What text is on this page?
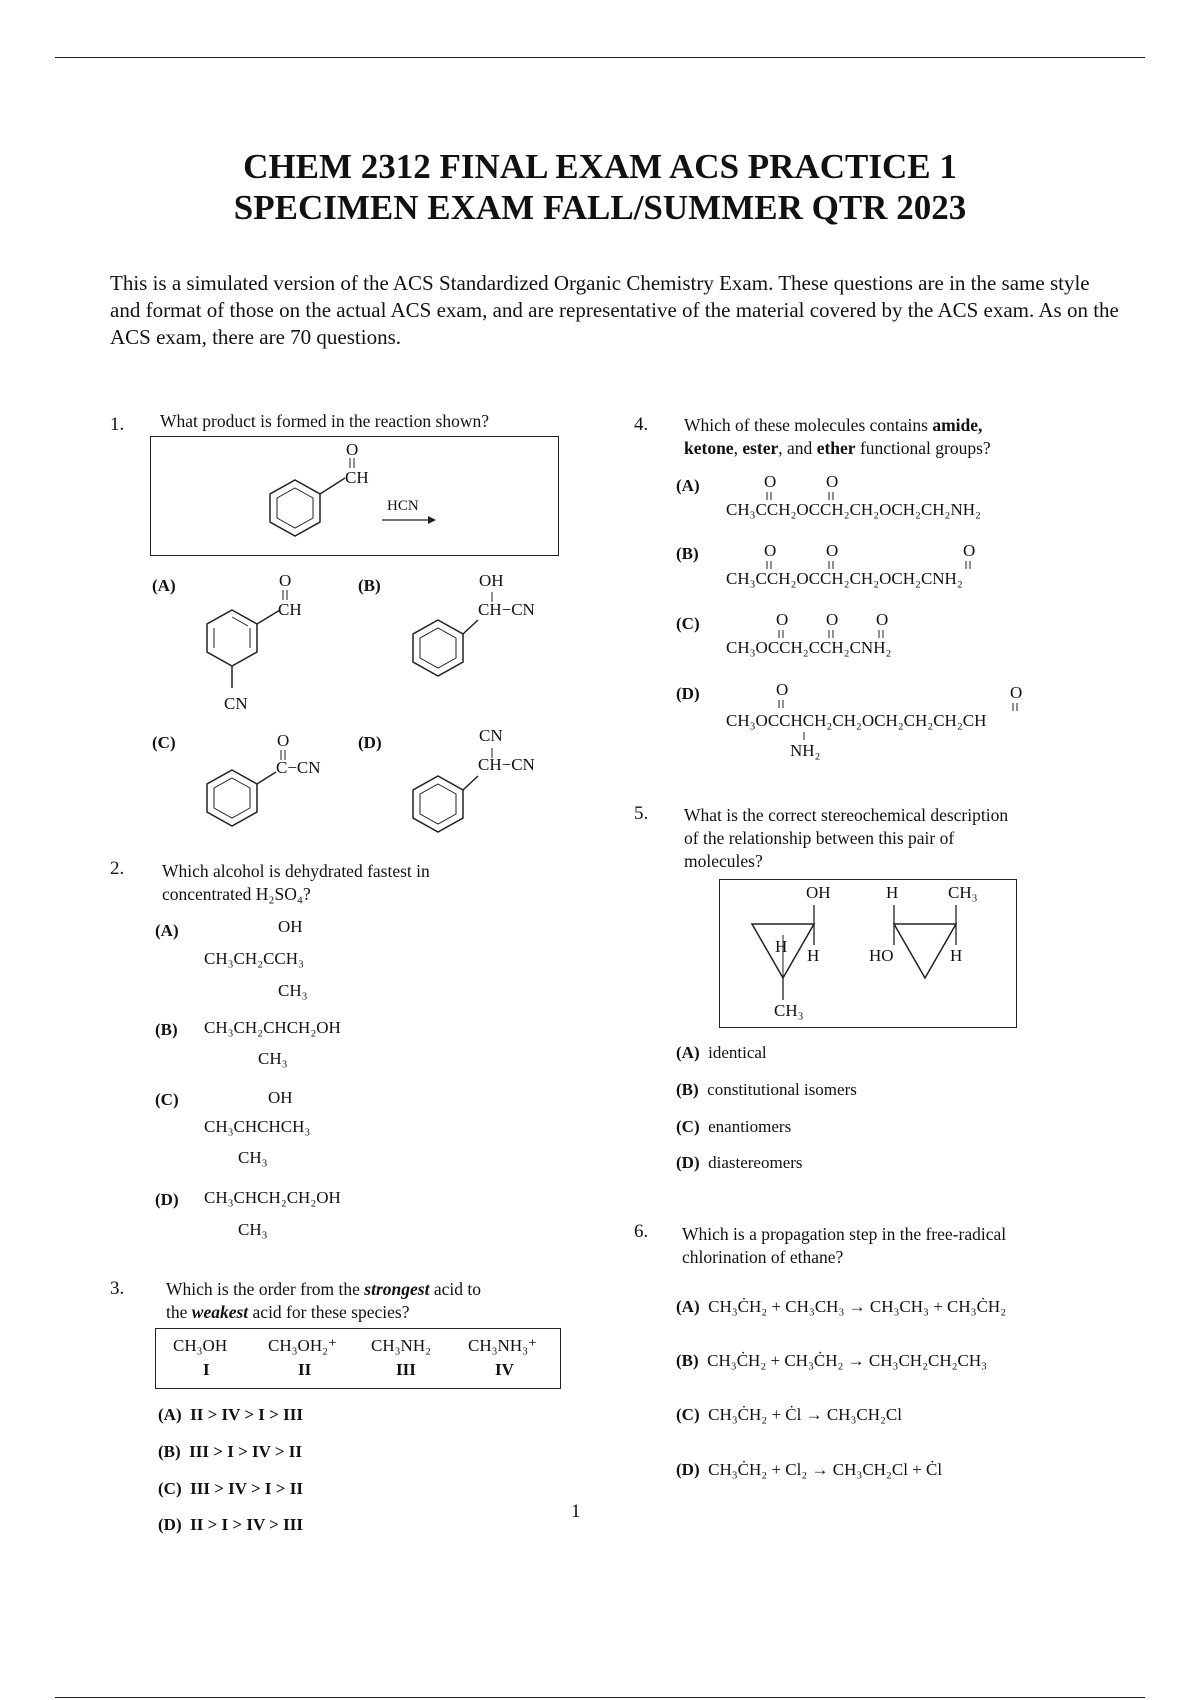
CHEM 2312 FINAL EXAM ACS PRACTICE 1
SPECIMEN EXAM FALL/SUMMER QTR 2023
This is a simulated version of the ACS Standardized Organic Chemistry Exam. These questions are in the same style and format of those on the actual ACS exam, and are representative of the material covered by the ACS exam. As on the ACS exam, there are 70 questions.
1. What product is formed in the reaction shown?
O
CH
HCN
(A)	O
CH
CN
(B)	OH
CH−CN
(C)	O
C−CN
(D)	CN
CH−CN
2. Which alcohol is dehydrated fastest in
concentrated H₂SO₄?
(A)	OH
CH₃CH₂CCH₃
CH₃
(B) CH₃CH₂CHCH₂OH
CH₃
(C)	OH
CH₃CHCHCH₃
CH₃
(D) CH₃CHCH₂CH₂OH
CH₃
3. Which is the order from the strongest acid to
the weakest acid for these species?
CH₃OH
I
CH₃OH₂⁺
II
CH₃NH₂
III
CH₃NH₃⁺
IV
(A) II > IV > I > III
(B) III > I > IV > II
(C) III > IV > I > II
(D) II > I > IV > III
4. Which of these molecules contains amide,
ketone, ester, and ether functional groups?
(A)	O	O
CH₃CCH₂OCCH₂CH₂OCH₂CH₂NH₂
(B)	O	O	O
CH₃CCH₂OCCH₂CH₂OCH₂CNH₂
(C)	O O O
CH₃OCCH₂CCH₂CNH₂
(D)	O	O
CH₃OCCHCH₂CH₂OCH₂CH₂CH₂CH
NH₂
5. What is the correct stereochemical description
of the relationship between this pair of
molecules?
OH
H H
CH₃
H	CH₃
HO	H
(A) identical
(B) constitutional isomers
(C) enantiomers
(D) diastereomers
6. Which is a propagation step in the free-radical
chlorination of ethane?
(A) CH₃ĊH₂ + CH₃CH₃ → CH₃CH₃ + CH₃ĊH₂
(B) CH₃ĊH₂ + CH₃ĊH₂ → CH₃CH₂CH₂CH₃
(C) CH₃ĊH₂ + Ċl → CH₃CH₂Cl
(D) CH₃ĊH₂ + Cl₂ → CH₃CH₂Cl + Ċl
1
